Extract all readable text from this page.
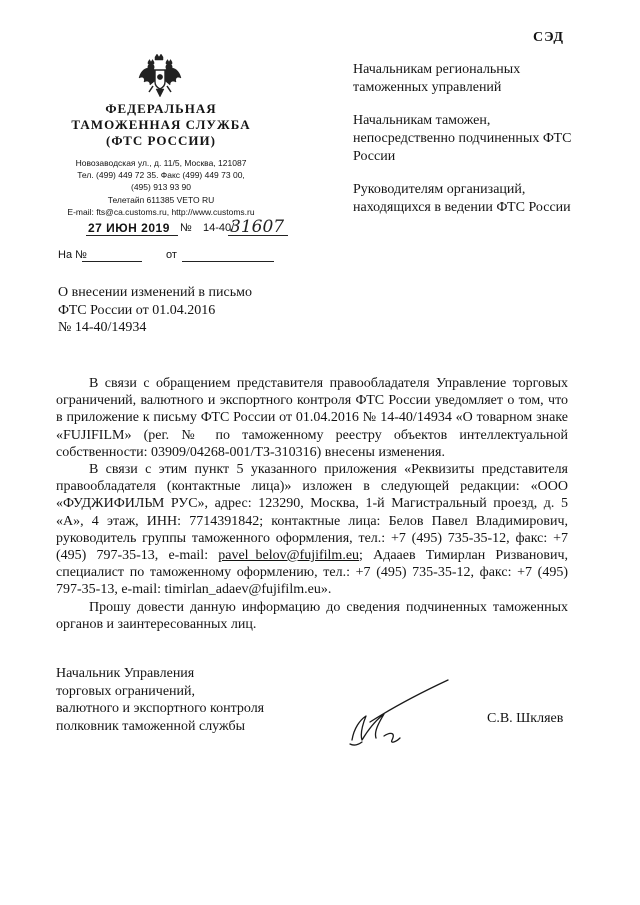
СЭД
ФЕДЕРАЛЬНАЯ
ТАМОЖЕННАЯ СЛУЖБА
(ФТС РОССИИ)
Новозаводская ул., д. 11/5, Москва, 121087
Тел. (499) 449 72 35. Факс (499) 449 73 00,
(495) 913 93 90
Телетайп 611385 VETO RU
E-mail: fts@ca.customs.ru, http://www.customs.ru
27 ИЮН 2019 № 14-40/
31607
На №	от
Начальникам региональных таможенных управлений
Начальникам таможен, непосредственно подчиненных ФТС России
Руководителям организаций, находящихся в ведении ФТС России
О внесении изменений в письмо
ФТС России от 01.04.2016
№ 14-40/14934

В связи с обращением представителя правообладателя Управление торговых ограничений, валютного и экспортного контроля ФТС России уведомляет о том, что в приложение к письму ФТС России от 01.04.2016 № 14-40/14934 «О товарном знаке «FUJIFILM» (рег. № по таможенному реестру объектов интеллектуальной собственности: 03909/04268-001/ТЗ-310316) внесены изменения.

В связи с этим пункт 5 указанного приложения «Реквизиты представителя правообладателя (контактные лица)» изложен в следующей редакции: «ООО «ФУДЖИФИЛЬМ РУС», адрес: 123290, Москва, 1-й Магистральный проезд, д. 5 «А», 4 этаж, ИНН: 7714391842; контактные лица: Белов Павел Владимирович, руководитель группы таможенного оформления, тел.: +7 (495) 735-35-12, факс: +7 (495) 797-35-13, e-mail: pavel_belov@fujifilm.eu; Адааев Тимирлан Ризванович, специалист по таможенному оформлению, тел.: +7 (495) 735-35-12, факс: +7 (495) 797-35-13, e-mail: timirlan_adaev@fujifilm.eu».

Прошу довести данную информацию до сведения подчиненных таможенных органов и заинтересованных лиц.

Начальник Управления
торговых ограничений,
валютного и экспортного контроля
полковник таможенной службы	С.В. Шкляев
